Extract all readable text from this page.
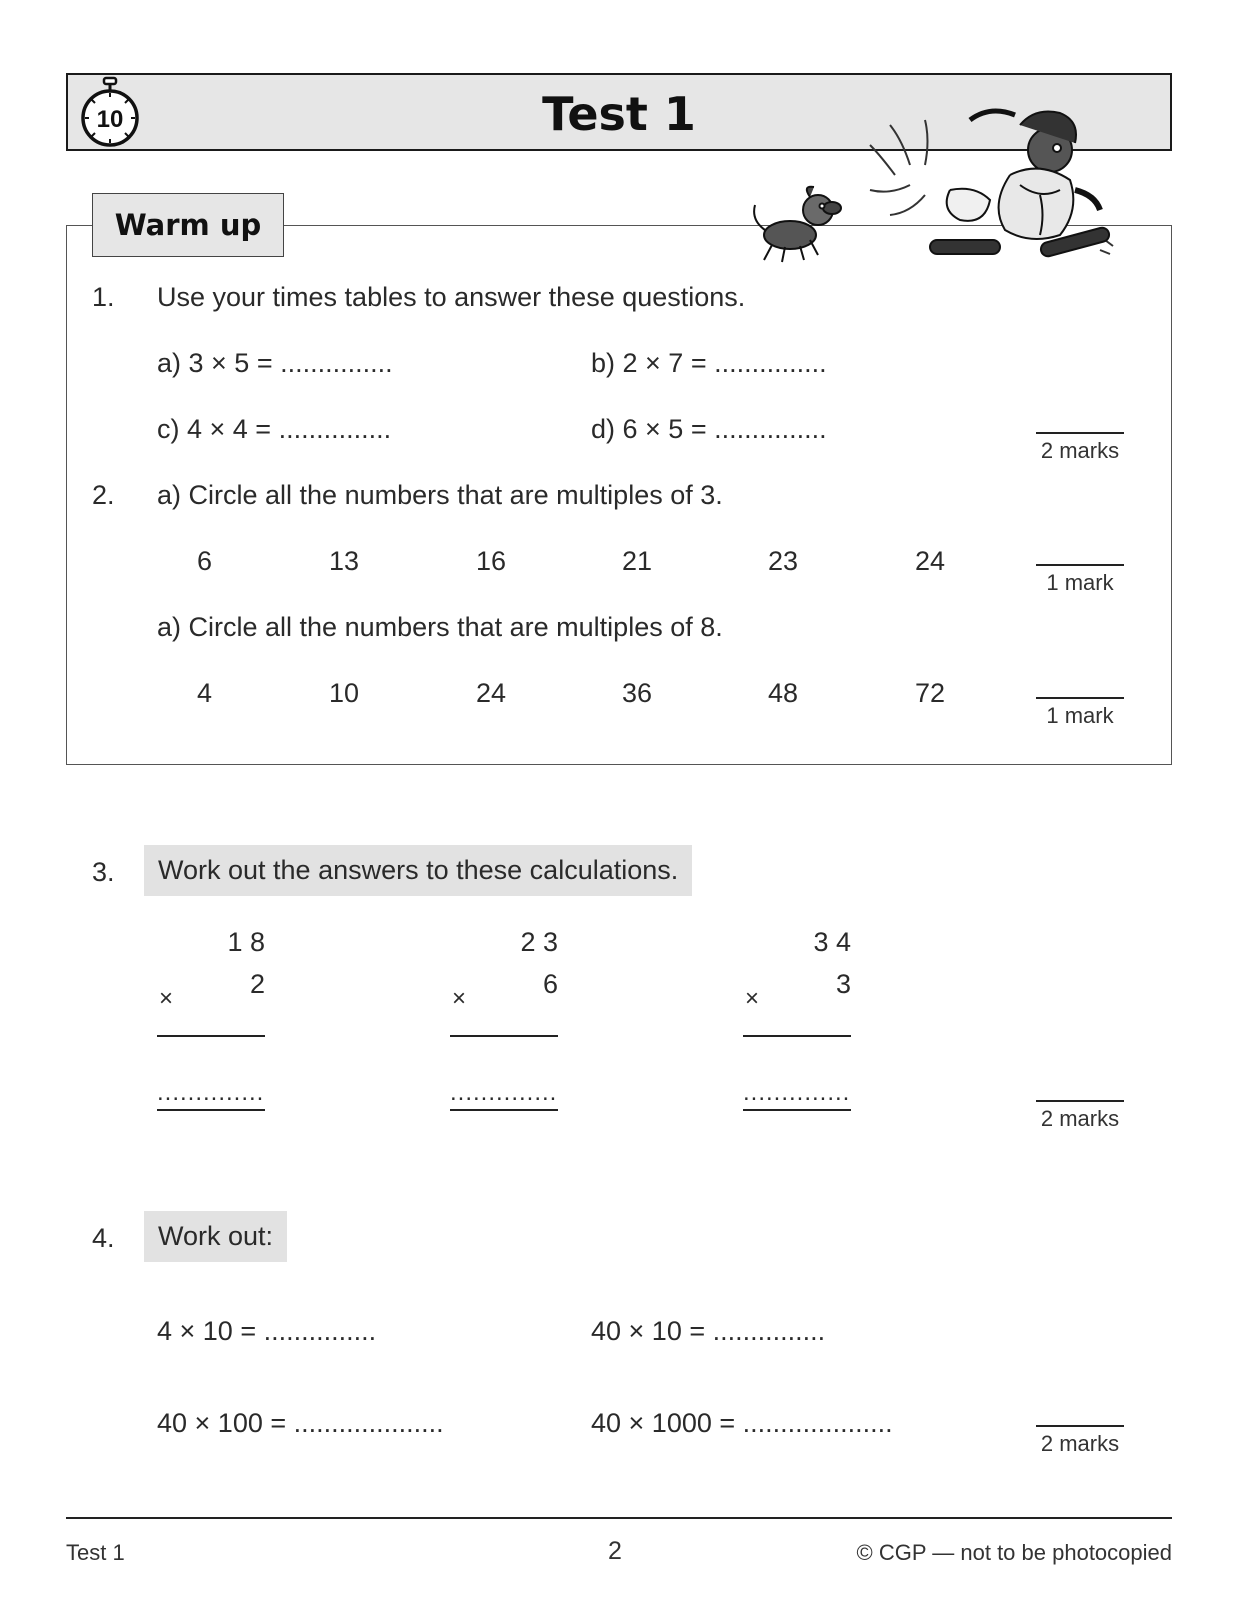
Test 1
10
Warm up
1. Use your times tables to answer these questions.
a) 3 × 5 = ...............	b) 2 × 7 = ...............
c) 4 × 4 = ...............	d) 6 × 5 = ...............
2 marks
2. a) Circle all the numbers that are multiples of 3.
6	13	16	21	23	24
1 mark
a) Circle all the numbers that are multiples of 8.
4	10	24	36	48	72
1 mark
3.	Work out the answers to these calculations.
1 8
×	2
..............
2 3
×	6
..............
3 4
×	3
..............
2 marks
4.	Work out:
4 × 10 = ...............	40 × 10 = ...............
40 × 100 = ....................	40 × 1000 = ....................
2 marks
Test 1	2	© CGP — not to be photocopied
